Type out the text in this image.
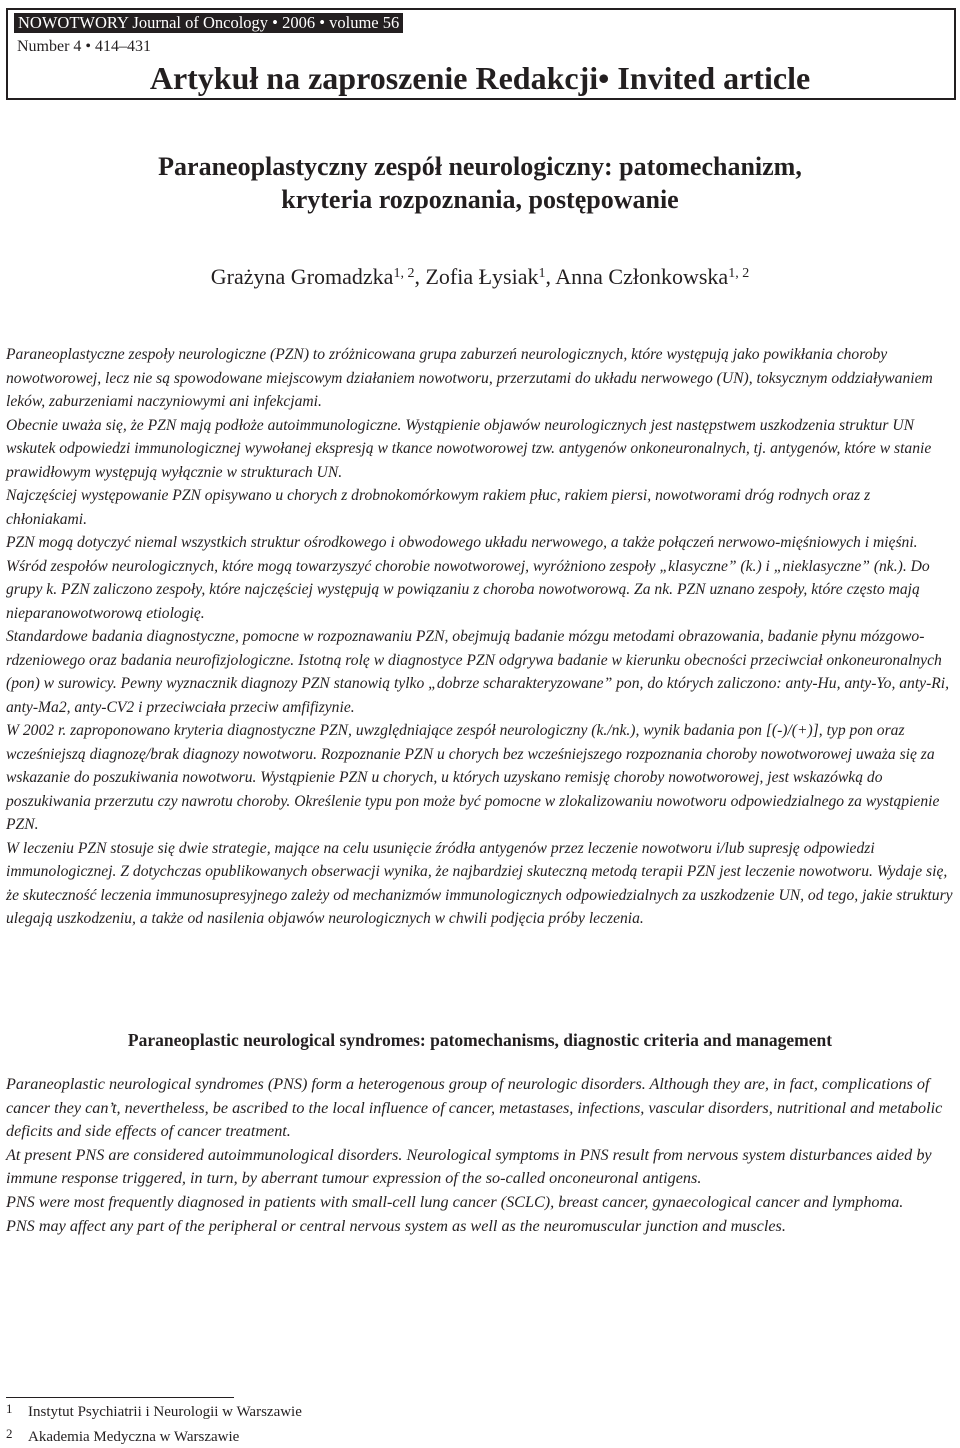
NOWOTWORY Journal of Oncology • 2006 • volume 56
Number 4 • 414–431
Artykuł na zaproszenie Redakcji• Invited article
Paraneoplastyczny zespół neurologiczny: patomechanizm,
kryteria rozpoznania, postępowanie
Grażyna Gromadzka$^{1, 2}$, Zofia Łysiak$^1$, Anna Członkowska$^{1, 2}$

Paraneoplastyczne zespoły neurologiczne (PZN) to zróżnicowana grupa zaburzeń neurologicznych, które występują jako powikłania choroby nowotworowej, lecz nie są spowodowane miejscowym działaniem nowotworu, przerzutami do układu nerwowego (UN), toksycznym oddziaływaniem leków, zaburzeniami naczyniowymi ani infekcjami.

Obecnie uważa się, że PZN mają podłoże autoimmunologiczne. Wystąpienie objawów neurologicznych jest następstwem uszkodzenia struktur UN wskutek odpowiedzi immunologicznej wywołanej ekspresją w tkance nowotworowej tzw. antygenów onkoneuronalnych, tj. antygenów, które w stanie prawidłowym występują wyłącznie w strukturach UN.

Najczęściej występowanie PZN opisywano u chorych z drobnokomórkowym rakiem płuc, rakiem piersi, nowotworami dróg rodnych oraz z chłoniakami.

PZN mogą dotyczyć niemal wszystkich struktur ośrodkowego i obwodowego układu nerwowego, a także połączeń nerwowo-mięśniowych i mięśni. Wśród zespołów neurologicznych, które mogą towarzyszyć chorobie nowotworowej, wyróżniono zespoły „klasyczne” (k.) i „nieklasyczne” (nk.). Do grupy k. PZN zaliczono zespoły, które najczęściej występują w powiązaniu z choroba nowotworową. Za nk. PZN uznano zespoły, które często mają nieparanowotworową etiologię.

Standardowe badania diagnostyczne, pomocne w rozpoznawaniu PZN, obejmują badanie mózgu metodami obrazowania, badanie płynu mózgowo-rdzeniowego oraz badania neurofizjologiczne. Istotną rolę w diagnostyce PZN odgrywa badanie w kierunku obecności przeciwciał onkoneuronalnych (pon) w surowicy. Pewny wyznacznik diagnozy PZN stanowią tylko „dobrze scharakteryzowane” pon, do których zaliczono: anty-Hu, anty-Yo, anty-Ri, anty-Ma2, anty-CV2 i przeciwciała przeciw amfifizynie.

W 2002 r. zaproponowano kryteria diagnostyczne PZN, uwzględniające zespół neurologiczny (k./nk.), wynik badania pon [(-)/(+)], typ pon oraz wcześniejszą diagnozę/brak diagnozy nowotworu. Rozpoznanie PZN u chorych bez wcześniejszego rozpoznania choroby nowotworowej uważa się za wskazanie do poszukiwania nowotworu. Wystąpienie PZN u chorych, u których uzyskano remisję choroby nowotworowej, jest wskazówką do poszukiwania przerzutu czy nawrotu choroby. Określenie typu pon może być pomocne w zlokalizowaniu nowotworu odpowiedzialnego za wystąpienie PZN.

W leczeniu PZN stosuje się dwie strategie, mające na celu usunięcie źródła antygenów przez leczenie nowotworu i/lub supresję odpowiedzi immunologicznej. Z dotychczas opublikowanych obserwacji wynika, że najbardziej skuteczną metodą terapii PZN jest leczenie nowotworu. Wydaje się, że skuteczność leczenia immunosupresyjnego zależy od mechanizmów immunologicznych odpowiedzialnych za uszkodzenie UN, od tego, jakie struktury ulegają uszkodzeniu, a także od nasilenia objawów neurologicznych w chwili podjęcia próby leczenia.

Paraneoplastic neurological syndromes: patomechanisms, diagnostic criteria and management

Paraneoplastic neurological syndromes (PNS) form a heterogenous group of neurologic disorders. Although they are, in fact, complications of cancer they can’t, nevertheless, be ascribed to the local influence of cancer, metastases, infections, vascular disorders, nutritional and metabolic deficits and side effects of cancer treatment.

At present PNS are considered autoimmunological disorders. Neurological symptoms in PNS result from nervous system disturbances aided by immune response triggered, in turn, by aberrant tumour expression of the so-called onconeuronal antigens.

PNS were most frequently diagnosed in patients with small-cell lung cancer (SCLC), breast cancer, gynaecological cancer and lymphoma.

PNS may affect any part of the peripheral or central nervous system as well as the neuromuscular junction and muscles.

1 Instytut Psychiatrii i Neurologii w Warszawie
2 Akademia Medyczna w Warszawie
